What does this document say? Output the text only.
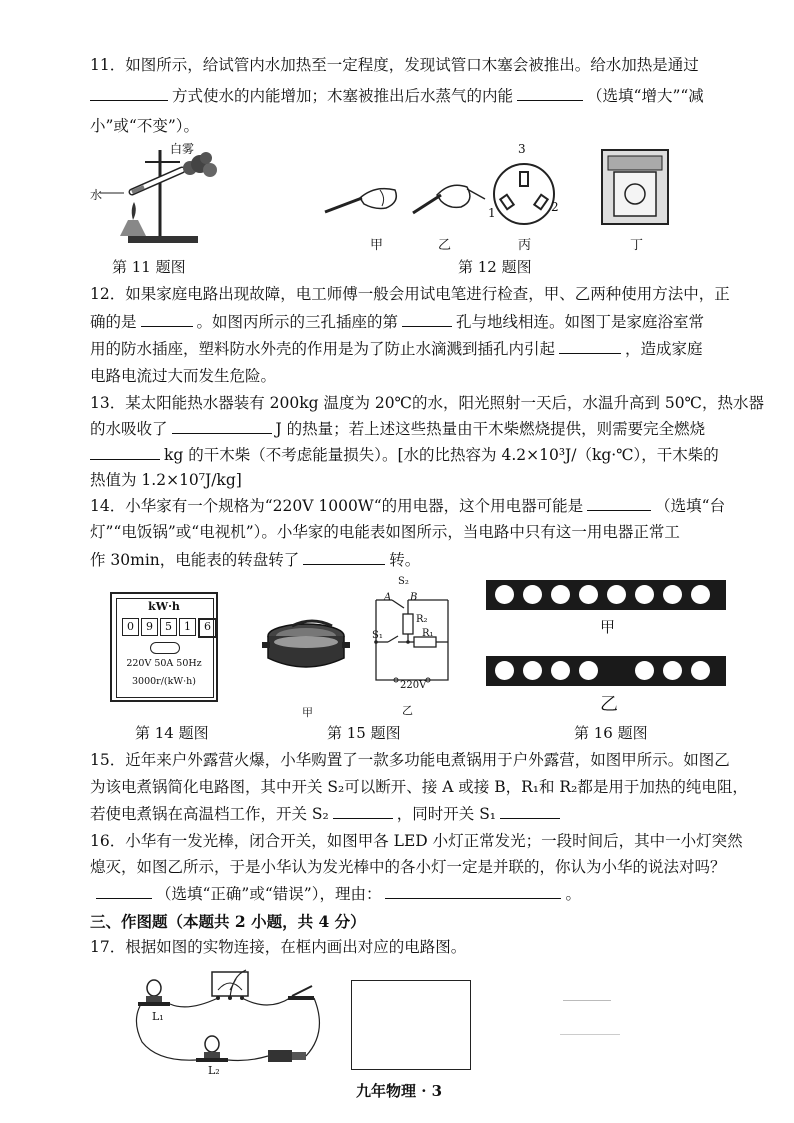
11．如图所示，给试管内水加热至一定程度，发现试管口木塞会被推出。给水加热是通过
方式使水的内能增加；木塞被推出后水蒸气的内能	（选填“增大”“减
小”或“不变”）。
白雾
水
第 11 题图
3
1	2
甲	乙	丙	丁
第 12 题图
12．如果家庭电路出现故障，电工师傅一般会用试电笔进行检查，甲、乙两种使用方法中，正
确的是	。如图丙所示的三孔插座的第	孔与地线相连。如图丁是家庭浴室常
用的防水插座，塑料防水外壳的作用是为了防止水滴溅到插孔内引起	，造成家庭
电路电流过大而发生危险。
13．某太阳能热水器装有 200kg 温度为 20℃的水，阳光照射一天后，水温升高到 50℃，热水器
的水吸收了	J 的热量；若上述这些热量由干木柴燃烧提供，则需要完全燃烧
kg 的干木柴（不考虑能量损失）。[水的比热容为 4.2×10³J/（kg·℃），干木柴的
热值为 1.2×10⁷J/kg]
14．小华家有一个规格为“220V 1000W“的用电器，这个用电器可能是	（选填“台
灯”“电饭锅”或“电视机”）。小华家的电能表如图所示，当电路中只有这一用电器正常工
作 30min，电能表的转盘转了	转。
kW·h
0	9	5	1	6
220V 50A 50Hz
3000r/(kW·h)
第 14 题图
甲
S₂
A B
R₂
S₁	R₁
220V
乙
第 15 题图
甲
乙
第 16 题图
15．近年来户外露营火爆，小华购置了一款多功能电煮锅用于户外露营，如图甲所示。如图乙
为该电煮锅简化电路图，其中开关 S₂可以断开、接 A 或接 B，R₁和 R₂都是用于加热的纯电阻，
若使电煮锅在高温档工作，开关 S₂	，同时开关 S₁
16．小华有一发光棒，闭合开关，如图甲各 LED 小灯正常发光；一段时间后，其中一小灯突然
熄灭，如图乙所示，于是小华认为发光棒中的各小灯一定是并联的，你认为小华的说法对吗？
（选填“正确”或“错误”），理由：	。
三、作图题（本题共 2 小题，共 4 分）
17．根据如图的实物连接，在框内画出对应的电路图。
L₁
L₂
九年物理 · 3
